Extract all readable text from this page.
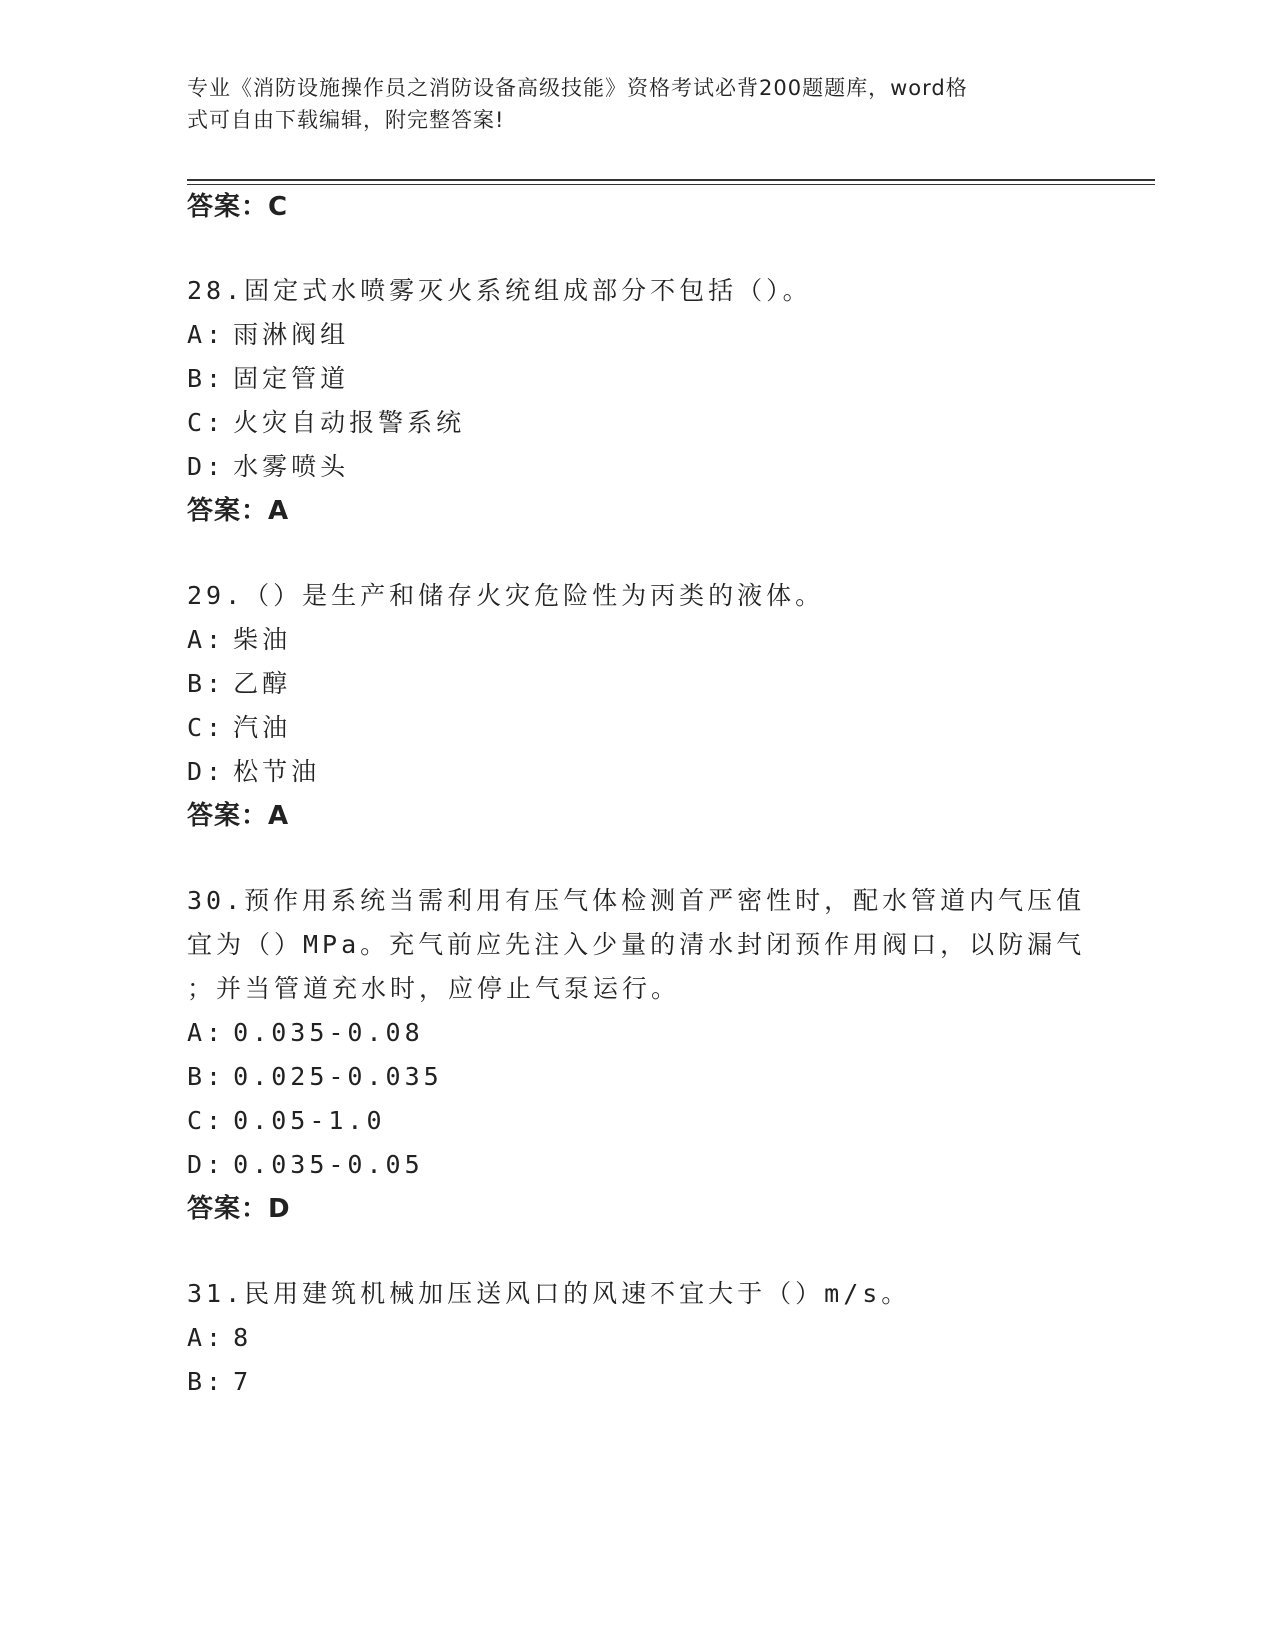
专业《消防设施操作员之消防设备高级技能》资格考试必背200题题库，word格
式可自由下载编辑，附完整答案!
答案：C
28.固定式水喷雾灭火系统组成部分不包括（）。
A: 雨淋阀组
B: 固定管道
C: 火灾自动报警系统
D: 水雾喷头
答案：A
29.（）是生产和储存火灾危险性为丙类的液体。
A: 柴油
B: 乙醇
C: 汽油
D: 松节油
答案：A
30.预作用系统当需利用有压气体检测首严密性时，配水管道内气压值
宜为（）MPa。充气前应先注入少量的清水封闭预作用阀口，以防漏气
；并当管道充水时，应停止气泵运行。
A: 0.035-0.08
B: 0.025-0.035
C: 0.05-1.0
D: 0.035-0.05
答案：D
31.民用建筑机械加压送风口的风速不宜大于（）m/s。
A: 8
B: 7
